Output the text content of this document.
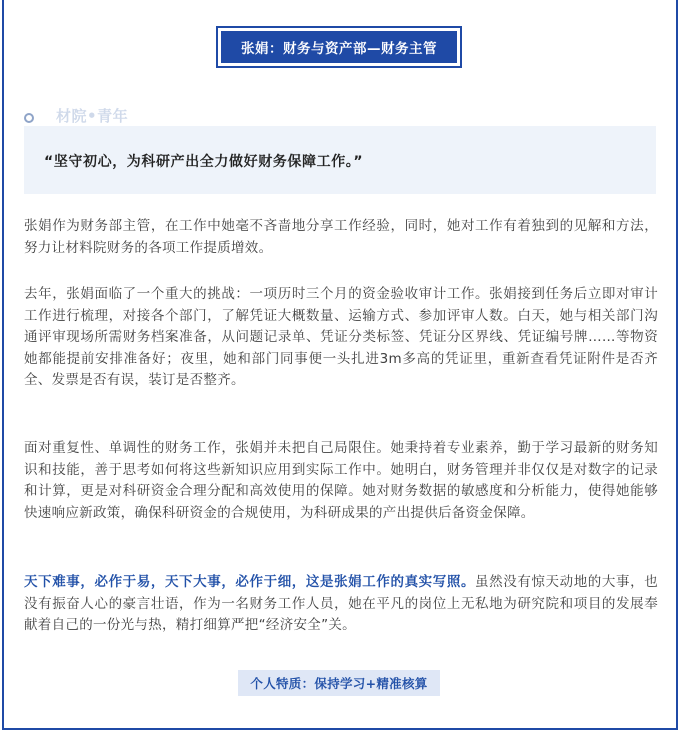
张娟：财务与资产部—财务主管
材院•青年
“坚守初心，为科研产出全力做好财务保障工作。”

张娟作为财务部主管，在工作中她毫不吝啬地分享工作经验，同时，她对工作有着独到的见解和方法，努力让材料院财务的各项工作提质增效。

去年，张娟面临了一个重大的挑战：一项历时三个月的资金验收审计工作。张娟接到任务后立即对审计工作进行梳理，对接各个部门，了解凭证大概数量、运输方式、参加评审人数。白天，她与相关部门沟通评审现场所需财务档案准备，从问题记录单、凭证分类标签、凭证分区界线、凭证编号牌……等物资她都能提前安排准备好；夜里，她和部门同事便一头扎进3m多高的凭证里，重新查看凭证附件是否齐全、发票是否有误，装订是否整齐。

面对重复性、单调性的财务工作，张娟并未把自己局限住。她秉持着专业素养，勤于学习最新的财务知识和技能，善于思考如何将这些新知识应用到实际工作中。她明白，财务管理并非仅仅是对数字的记录和计算，更是对科研资金合理分配和高效使用的保障。她对财务数据的敏感度和分析能力，使得她能够快速响应新政策，确保科研资金的合规使用，为科研成果的产出提供后备资金保障。

天下难事，必作于易，天下大事，必作于细，这是张娟工作的真实写照。虽然没有惊天动地的大事，也没有振奋人心的豪言壮语，作为一名财务工作人员，她在平凡的岗位上无私地为研究院和项目的发展奉献着自己的一份光与热，精打细算严把“经济安全”关。

个人特质：保持学习+精准核算
